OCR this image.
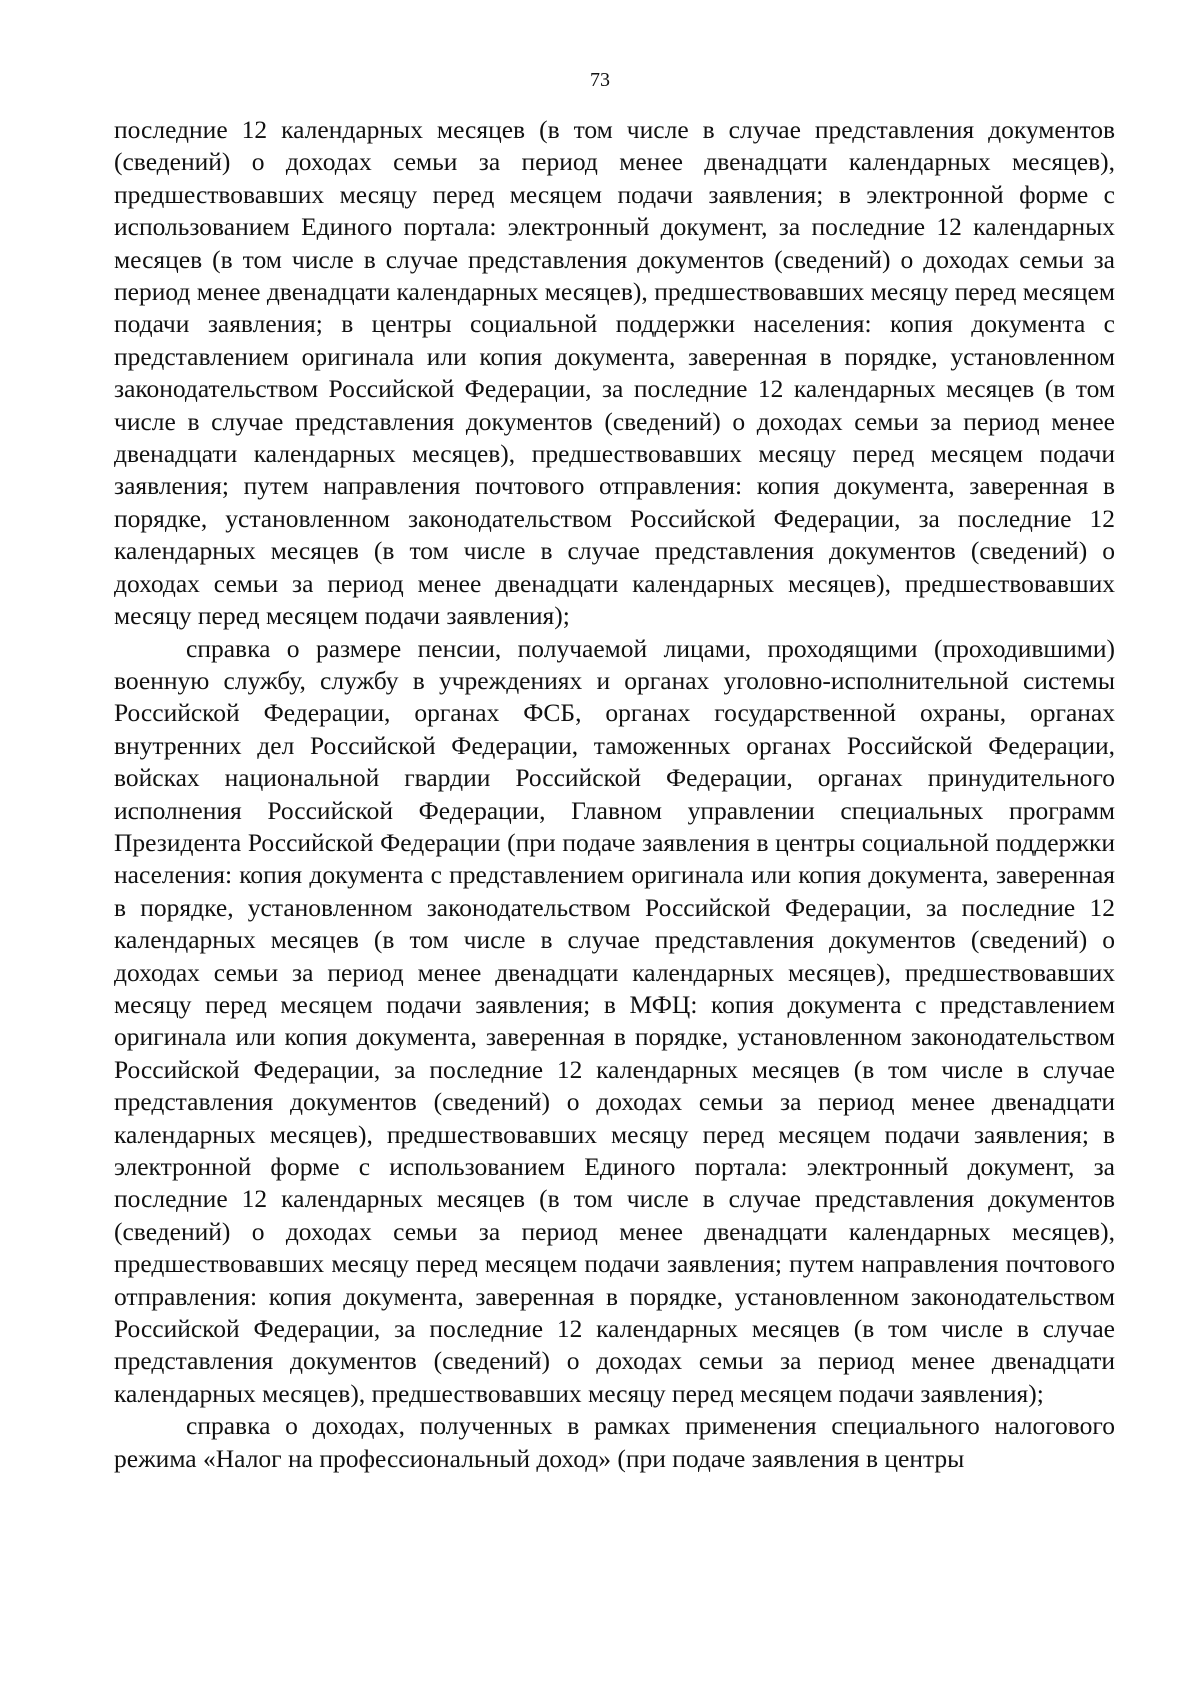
73

последние 12 календарных месяцев (в том числе в случае представления документов (сведений) о доходах семьи за период менее двенадцати календарных месяцев), предшествовавших месяцу перед месяцем подачи заявления; в электронной форме с использованием Единого портала: электронный документ, за последние 12 календарных месяцев (в том числе в случае представления документов (сведений) о доходах семьи за период менее двенадцати календарных месяцев), предшествовавших месяцу перед месяцем подачи заявления; в центры социальной поддержки населения: копия документа с представлением оригинала или копия документа, заверенная в порядке, установленном законодательством Российской Федерации, за последние 12 календарных месяцев (в том числе в случае представления документов (сведений) о доходах семьи за период менее двенадцати календарных месяцев), предшествовавших месяцу перед месяцем подачи заявления; путем направления почтового отправления: копия документа, заверенная в порядке, установленном законодательством Российской Федерации, за последние 12 календарных месяцев (в том числе в случае представления документов (сведений) о доходах семьи за период менее двенадцати календарных месяцев), предшествовавших месяцу перед месяцем подачи заявления);

справка о размере пенсии, получаемой лицами, проходящими (проходившими) военную службу, службу в учреждениях и органах уголовно-исполнительной системы Российской Федерации, органах ФСБ, органах государственной охраны, органах внутренних дел Российской Федерации, таможенных органах Российской Федерации, войсках национальной гвардии Российской Федерации, органах принудительного исполнения Российской Федерации, Главном управлении специальных программ Президента Российской Федерации (при подаче заявления в центры социальной поддержки населения: копия документа с представлением оригинала или копия документа, заверенная в порядке, установленном законодательством Российской Федерации, за последние 12 календарных месяцев (в том числе в случае представления документов (сведений) о доходах семьи за период менее двенадцати календарных месяцев), предшествовавших месяцу перед месяцем подачи заявления; в МФЦ: копия документа с представлением оригинала или копия документа, заверенная в порядке, установленном законодательством Российской Федерации, за последние 12 календарных месяцев (в том числе в случае представления документов (сведений) о доходах семьи за период менее двенадцати календарных месяцев), предшествовавших месяцу перед месяцем подачи заявления; в электронной форме с использованием Единого портала: электронный документ, за последние 12 календарных месяцев (в том числе в случае представления документов (сведений) о доходах семьи за период менее двенадцати календарных месяцев), предшествовавших месяцу перед месяцем подачи заявления; путем направления почтового отправления: копия документа, заверенная в порядке, установленном законодательством Российской Федерации, за последние 12 календарных месяцев (в том числе в случае представления документов (сведений) о доходах семьи за период менее двенадцати календарных месяцев), предшествовавших месяцу перед месяцем подачи заявления);

справка о доходах, полученных в рамках применения специального налогового режима «Налог на профессиональный доход» (при подаче заявления в центры
